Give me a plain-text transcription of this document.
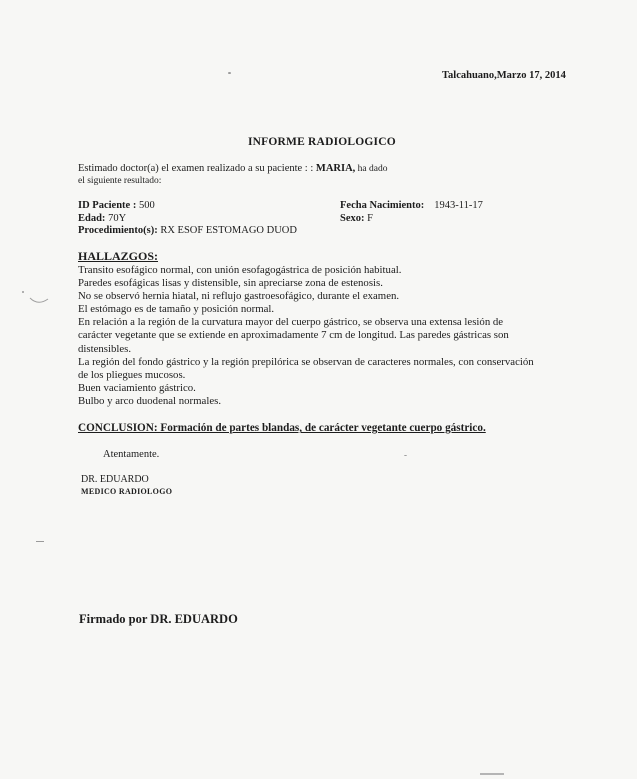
Talcahuano,Marzo 17, 2014
INFORME RADIOLOGICO
Estimado doctor(a) el examen realizado a su paciente : : MARIA, ha dado
el siguiente resultado:
ID Paciente : 500
Edad: 70Y
Procedimiento(s): RX ESOF ESTOMAGO DUOD
Fecha Nacimiento: 1943-11-17
Sexo: F
HALLAZGOS:
Transito esofágico normal, con unión esofagogástrica de posición habitual.
Paredes esofágicas lisas y distensible, sin apreciarse zona de estenosis.
No se observó hernia hiatal, ni reflujo gastroesofágico, durante el examen.
El estómago es de tamaño y posición normal.
En relación a la región de la curvatura mayor del cuerpo gástrico, se observa una extensa lesión de
carácter vegetante que se extiende en aproximadamente 7 cm de longitud. Las paredes gástricas son
distensibles.
La región del fondo gástrico y la región prepilórica se observan de caracteres normales, con conservación
de los pliegues mucosos.
Buen vaciamiento gástrico.
Bulbo y arco duodenal normales.
CONCLUSION: Formación de partes blandas, de carácter vegetante cuerpo gástrico.
Atentamente.
DR. EDUARDO
MEDICO RADIOLOGO
Firmado por DR. EDUARDO
